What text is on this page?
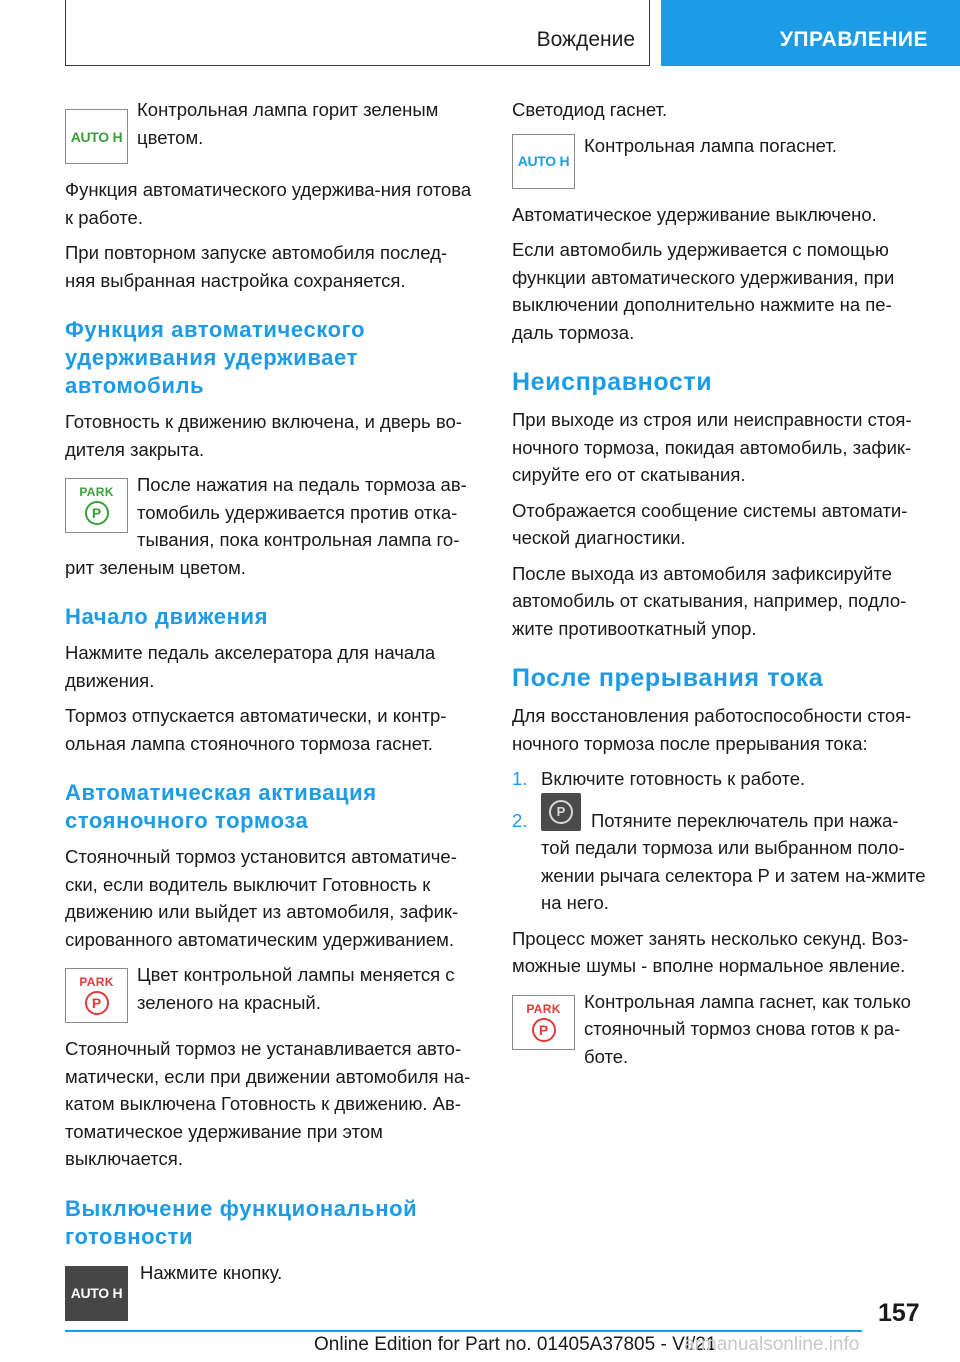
Вождение	УПРАВЛЕНИЕ
AUTO H

Контрольная лампа горит зеленым цветом.

Функция автоматического удержива-ния готова к работе.

При повторном запуске автомобиля послед-няя выбранная настройка сохраняется.

Функция автоматического удерживания удерживает автомобиль

Готовность к движению включена, и дверь во-дителя закрыта.

PARK
P

После нажатия на педаль тормоза ав-томобиль удерживается против отка-тывания, пока контрольная лампа го-рит зеленым цветом.

Начало движения

Нажмите педаль акселератора для начала движения.

Тормоз отпускается автоматически, и контр-ольная лампа стояночного тормоза гаснет.

Автоматическая активация стояночного тормоза

Стояночный тормоз установится автоматиче-ски, если водитель выключит Готовность к движению или выйдет из автомобиля, зафик-сированного автоматическим удерживанием.

PARK
P

Цвет контрольной лампы меняется с зеленого на красный.

Стояночный тормоз не устанавливается авто-матически, если при движении автомобиля на-катом выключена Готовность к движению. Ав-томатическое удерживание при этом выключается.

Выключение функциональной готовности
AUTO H

Нажмите кнопку.

Светодиод гаснет.

AUTO H

Контрольная лампа погаснет.

Автоматическое удерживание выключено.

Если автомобиль удерживается с помощью функции автоматического удерживания, при выключении дополнительно нажмите на пе-даль тормоза.

Неисправности

При выходе из строя или неисправности стоя-ночного тормоза, покидая автомобиль, зафик-сируйте его от скатывания.

Отображается сообщение системы автомати-ческой диагностики.

После выхода из автомобиля зафиксируйте автомобиль от скатывания, например, подло-жите противооткатный упор.

После прерывания тока

Для восстановления работоспособности стоя-ночного тормоза после прерывания тока:

1. Включите готовность к работе.
2.	P	Потяните переключатель при нажа-той педали тормоза или выбранном поло-жении рычага селектора P и затем на-жмите на него.

Процесс может занять несколько секунд. Воз-можные шумы - вполне нормальное явление.

PARK
P

Контрольная лампа гаснет, как только стояночный тормоз снова готов к ра-боте.

157
Online Edition for Part no. 01405A37805 - VI/21
armanualsonline.info
